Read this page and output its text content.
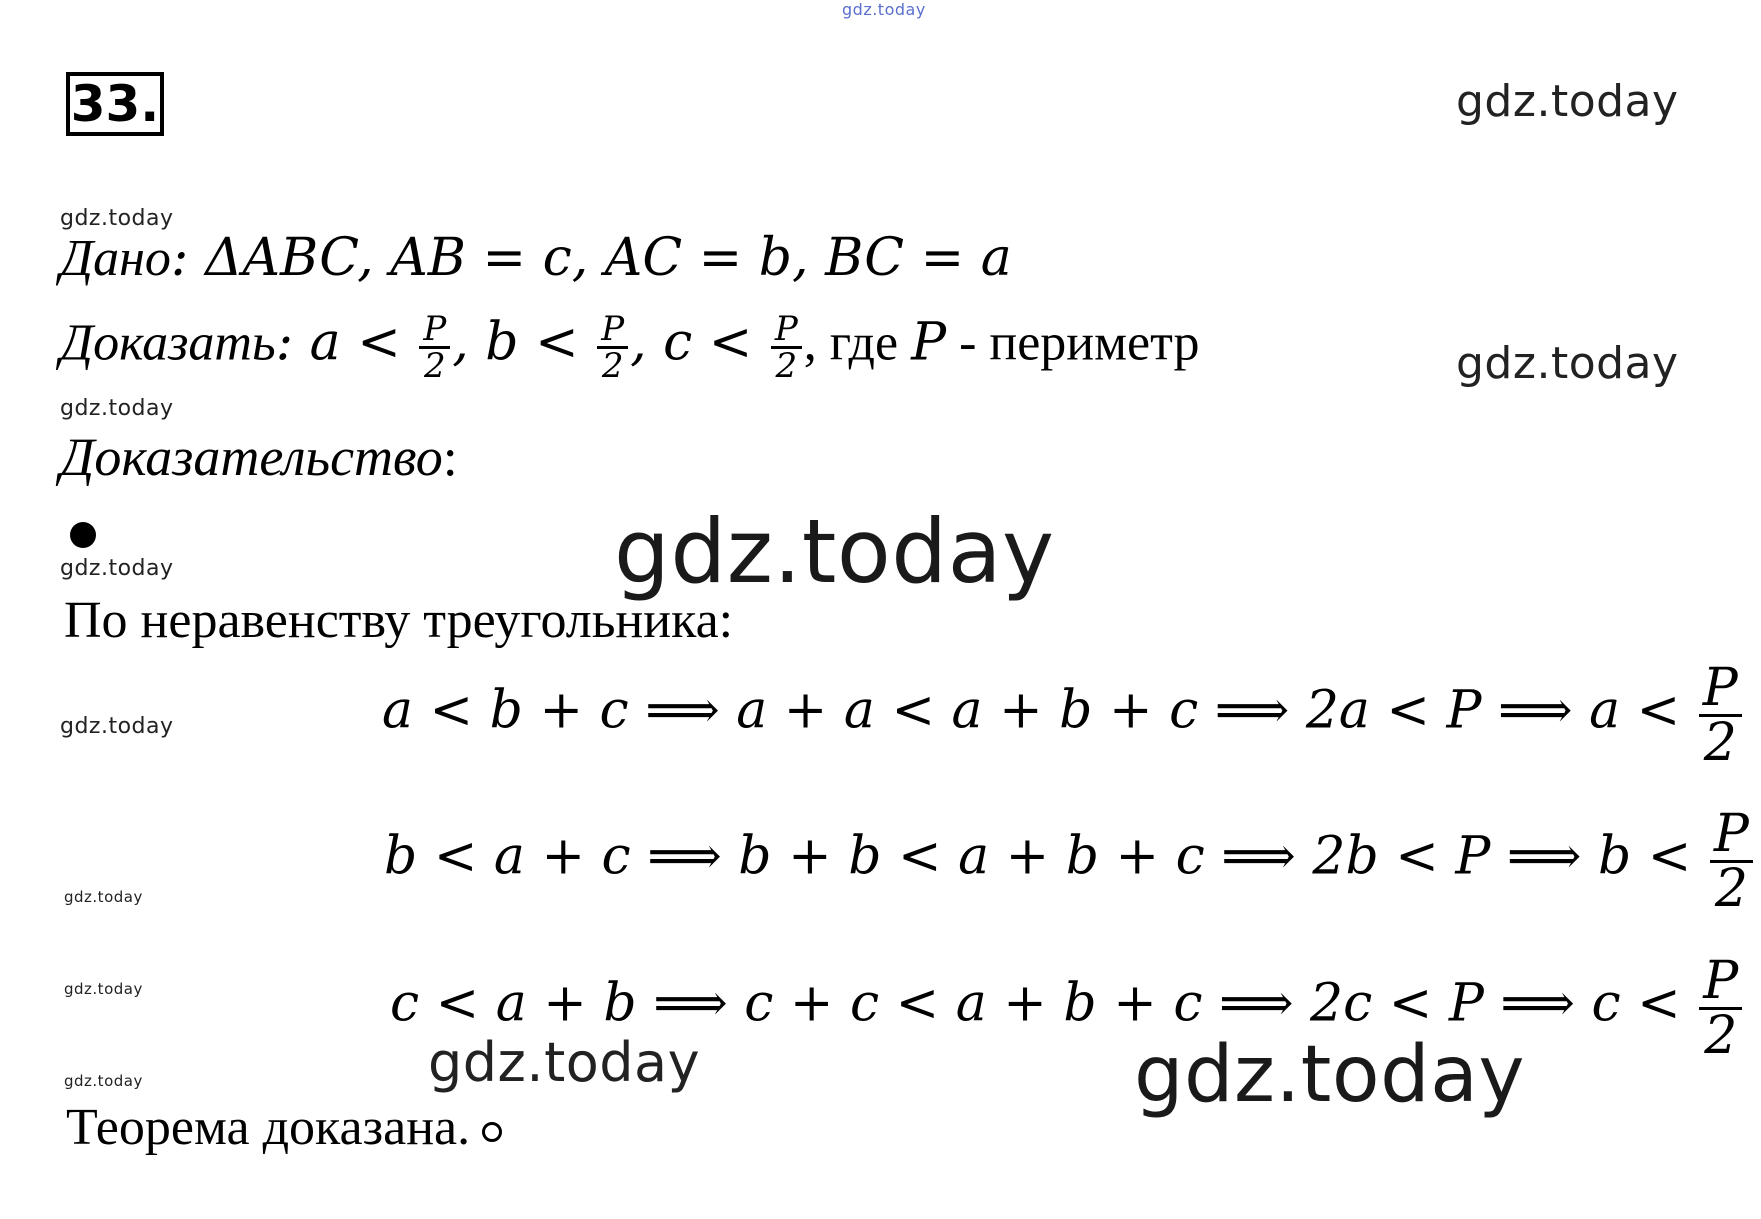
gdz.today
gdz.today
gdz.today
gdz.today
gdz.today
gdz.today
gdz.today
gdz.today
gdz.today
gdz.today
gdz.today
gdz.today	gdz.today
33.
Дано: ΔABC, AB = c, AC = b, BC = a
Доказать: $a < \frac{P}{2}$ , $b < \frac{P}{2}$ , $c < \frac{P}{2}$ , где P - периметр
Доказательство:
По неравенству треугольника:
a < b + c ⟹ a + a < a + b + c ⟹ 2a < P ⟹ $a < \frac{P}{2}$
b < a + c ⟹ b + b < a + b + c ⟹ 2b < P ⟹ $b < \frac{P}{2}$
c < a + b ⟹ c + c < a + b + c ⟹ 2c < P ⟹ $c < \frac{P}{2}$
Теорема доказана.
